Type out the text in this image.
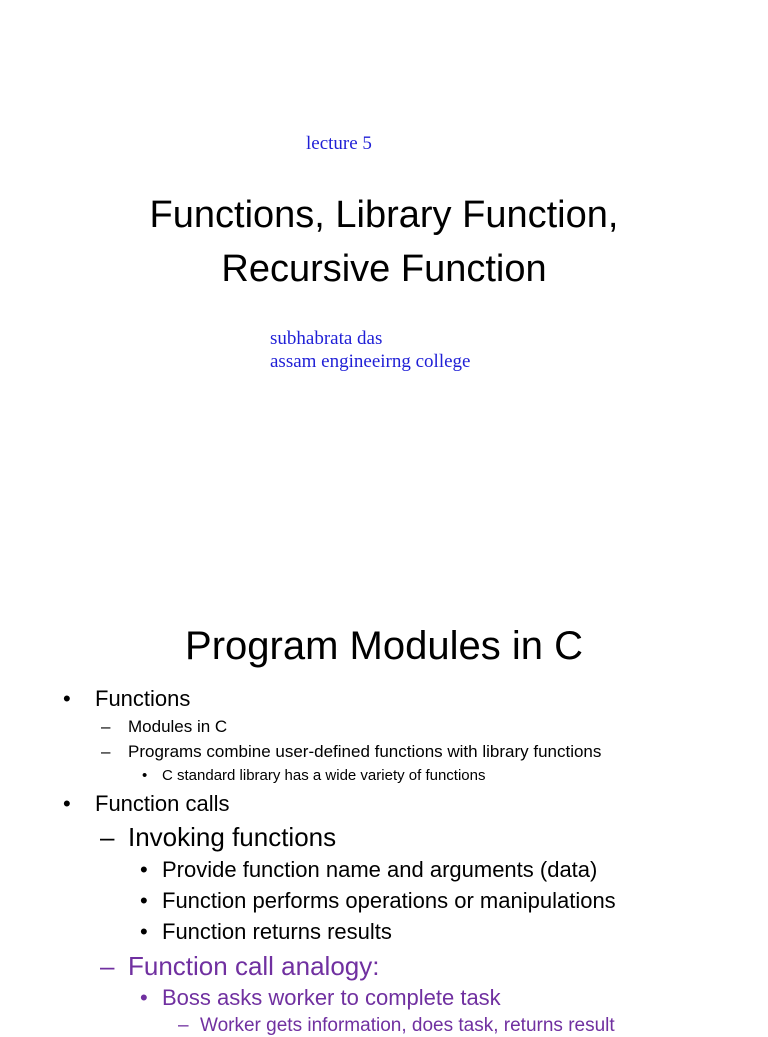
lecture 5
Functions, Library Function,
Recursive Function
subhabrata das
assam engineeirng college
Program Modules in C
• Functions
– Modules in C
– Programs combine user-defined functions with library functions
• C standard library has a wide variety of functions
• Function calls
– Invoking functions
• Provide function name and arguments (data)
• Function performs operations or manipulations
• Function returns results
– Function call analogy:
• Boss asks worker to complete task
– Worker gets information, does task, returns result
